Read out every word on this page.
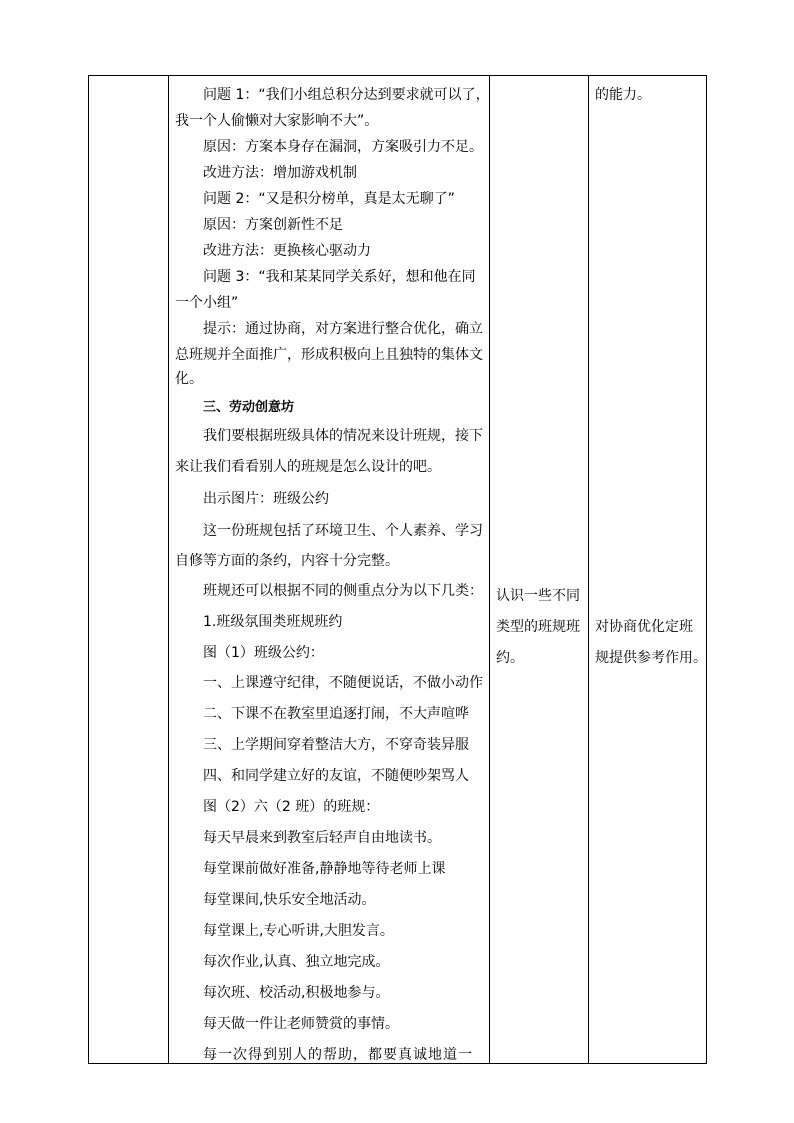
问题 1：“我们小组总积分达到要求就可以了，
我一个人偷懒对大家影响不大”。
原因：方案本身存在漏洞，方案吸引力不足。
改进方法：增加游戏机制
问题 2：“又是积分榜单，真是太无聊了”
原因：方案创新性不足
改进方法：更换核心驱动力
问题 3：“我和某某同学关系好，想和他在同
一个小组”
提示：通过协商，对方案进行整合优化，确立
总班规并全面推广，形成积极向上且独特的集体文
化。
三、劳动创意坊
我们要根据班级具体的情况来设计班规，接下
来让我们看看别人的班规是怎么设计的吧。
出示图片：班级公约
这一份班规包括了环境卫生、个人素养、学习
自修等方面的条约，内容十分完整。
班规还可以根据不同的侧重点分为以下几类：
1.班级氛围类班规班约
图（1）班级公约：
一、上课遵守纪律，不随便说话，不做小动作
二、下课不在教室里追逐打闹，不大声喧哗
三、上学期间穿着整洁大方，不穿奇装异服
四、和同学建立好的友谊，不随便吵架骂人
图（2）六（2 班）的班规：
每天早晨来到教室后轻声自由地读书。
每堂课前做好准备,静静地等待老师上课
每堂课间,快乐安全地活动。
每堂课上,专心听讲,大胆发言。
每次作业,认真、独立地完成。
每次班、校活动,积极地参与。
每天做一件让老师赞赏的事情。
每一次得到别人的帮助，都要真诚地道一
认识一些不同
类型的班规班
约。
的能力。
对协商优化定班
规提供参考作用。
